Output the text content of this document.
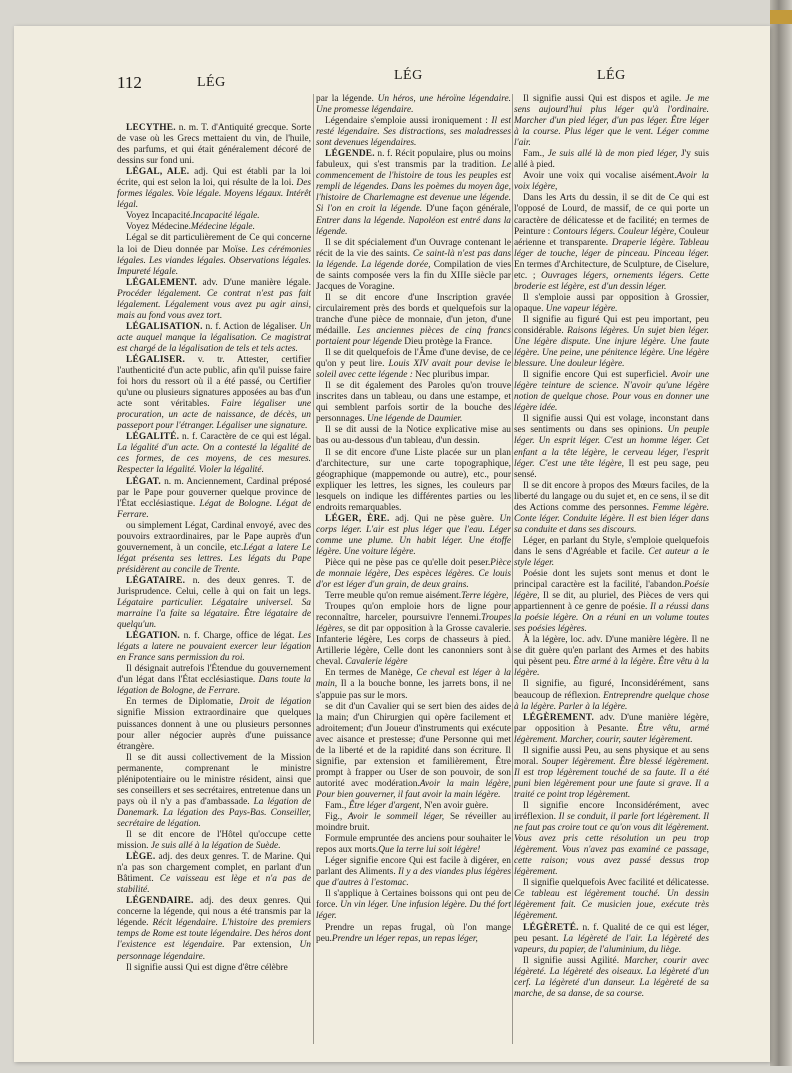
112	LÉG	LÉG	LÉG

LÉCYTHE. n. m. T. d'Antiquité grecque. Sorte de vase où les Grecs mettaient du vin, de l'huile, des parfums, et qui était généralement décoré de dessins sur fond uni.

LÉGAL, ALE. adj. Qui est établi par la loi écrite, qui est selon la loi, qui résulte de la loi. Des formes légales. Voie légale. Moyens légaux. Intérêt légal.

Voyez Incapacité.Incapacité légale.

Voyez Médecine.Médecine légale.

Légal se dit particulièrement de Ce qui concerne la loi de Dieu donnée par Moïse. Les cérémonies légales. Les viandes légales. Observations légales. Impureté légale.

LÉGALEMENT. adv. D'une manière légale. Procéder légalement. Ce contrat n'est pas fait légalement. Légalement vous avez pu agir ainsi, mais au fond vous avez tort.

LÉGALISATION. n. f. Action de légaliser. Un acte auquel manque la légalisation. Ce magistrat est chargé de la légalisation de tels et tels actes.

LÉGALISER. v. tr. Attester, certifier l'authenticité d'un acte public, afin qu'il puisse faire foi hors du ressort où il a été passé, ou Certifier qu'une ou plusieurs signatures apposées au bas d'un acte sont véritables. Faire légaliser une procuration, un acte de naissance, de décès, un passeport pour l'étranger. Légaliser une signature.

LÉGALITÉ. n. f. Caractère de ce qui est légal. La légalité d'un acte. On a contesté la légalité de ces formes, de ces moyens, de ces mesures. Respecter la légalité. Violer la légalité.

LÉGAT. n. m. Anciennement, Cardinal préposé par le Pape pour gouverner quelque province de l'État ecclésiastique. Légat de Bologne. Légat de Ferrare.

ou simplement Légat, Cardinal envoyé, avec des pouvoirs extraordinaires, par le Pape auprès d'un gouvernement, à un concile, etc.Légat a latere Le légat présenta ses lettres. Les légats du Pape présidèrent au concile de Trente.

LÉGATAIRE. n. des deux genres. T. de Jurisprudence. Celui, celle à qui on fait un legs. Légataire particulier. Légataire universel. Sa marraine l'a faite sa légataire. Être légataire de quelqu'un.

LÉGATION. n. f. Charge, office de légat. Les légats a latere ne pouvaient exercer leur légation en France sans permission du roi.

Il désignait autrefois l'Étendue du gouvernement d'un légat dans l'État ecclésiastique. Dans toute la légation de Bologne, de Ferrare.

En termes de Diplomatie, Droit de légation signifie Mission extraordinaire que quelques puissances donnent à une ou plusieurs personnes pour aller négocier auprès d'une puissance étrangère.

Il se dit aussi collectivement de la Mission permanente, comprenant le ministre plénipotentiaire ou le ministre résident, ainsi que ses conseillers et ses secrétaires, entretenue dans un pays où il n'y a pas d'ambassade. La légation de Danemark. La légation des Pays-Bas. Conseiller, secrétaire de légation.

Il se dit encore de l'Hôtel qu'occupe cette mission. Je suis allé à la légation de Suède.

LÈGE. adj. des deux genres. T. de Marine. Qui n'a pas son chargement complet, en parlant d'un Bâtiment. Ce vaisseau est lège et n'a pas de stabilité.

LÉGENDAIRE. adj. des deux genres. Qui concerne la légende, qui nous a été transmis par la légende. Récit légendaire. L'histoire des premiers temps de Rome est toute légendaire. Des héros dont l'existence est légendaire. Par extension, Un personnage légendaire.

Il signifie aussi Qui est digne d'être célèbre

par la légende. Un héros, une héroïne légendaire. Une promesse légendaire.

Légendaire s'emploie aussi ironiquement : Il est resté légendaire. Ses distractions, ses maladresses sont devenues légendaires.

LÉGENDE. n. f. Récit populaire, plus ou moins fabuleux, qui s'est transmis par la tradition. Le commencement de l'histoire de tous les peuples est rempli de légendes. Dans les poèmes du moyen âge, l'histoire de Charlemagne est devenue une légende. Si l'on en croit la légende. D'une façon générale, Entrer dans la légende. Napoléon est entré dans la légende.

Il se dit spécialement d'un Ouvrage contenant le récit de la vie des saints. Ce saint-là n'est pas dans la légende. La légende dorée, Compilation de vies de saints composée vers la fin du XIIIe siècle par Jacques de Voragine.

Il se dit encore d'une Inscription gravée circulairement près des bords et quelquefois sur la tranche d'une pièce de monnaie, d'un jeton, d'une médaille. Les anciennes pièces de cinq francs portaient pour légende Dieu protège la France.

Il se dit quelquefois de l'Âme d'une devise, de ce qu'on y peut lire. Louis XIV avait pour devise le soleil avec cette légende : Nec pluribus impar.

Il se dit également des Paroles qu'on trouve inscrites dans un tableau, ou dans une estampe, et qui semblent parfois sortir de la bouche des personnages. Une légende de Daumier.

Il se dit aussi de la Notice explicative mise au bas ou au-dessous d'un tableau, d'un dessin.

Il se dit encore d'une Liste placée sur un plan d'architecture, sur une carte topographique, géographique (mappemonde ou autre), etc., pour expliquer les lettres, les signes, les couleurs par lesquels on indique les différentes parties ou les endroits remarquables.

LÉGER, ÈRE. adj. Qui ne pèse guère. Un corps léger. L'air est plus léger que l'eau. Léger comme une plume. Un habit léger. Une étoffe légère. Une voiture légère.

Pièce qui ne pèse pas ce qu'elle doit peser.Pièce de monnaie légère, Des espèces légères. Ce louis d'or est léger d'un grain, de deux grains.

Terre meuble qu'on remue aisément.Terre légère,

Troupes qu'on emploie hors de ligne pour reconnaître, harceler, poursuivre l'ennemi.Troupes légères, se dit par opposition à la Grosse cavalerie. Infanterie légère, Les corps de chasseurs à pied. Artillerie légère, Celle dont les canonniers sont à cheval. Cavalerie légère

En termes de Manège, Ce cheval est léger à la main, Il a la bouche bonne, les jarrets bons, il ne s'appuie pas sur le mors.

se dit d'un Cavalier qui se sert bien des aides de la main; d'un Chirurgien qui opère facilement et adroitement; d'un Joueur d'instruments qui exécute avec aisance et prestesse; d'une Personne qui met de la liberté et de la rapidité dans son écriture. Il signifie, par extension et familièrement, Être prompt à frapper ou User de son pouvoir, de son autorité avec modération.Avoir la main légère, Pour bien gouverner, il faut avoir la main légère.

Fam., Être léger d'argent, N'en avoir guère.

Fig., Avoir le sommeil léger, Se réveiller au moindre bruit.

Formule empruntée des anciens pour souhaiter le repos aux morts.Que la terre lui soit légère!

Léger signifie encore Qui est facile à digérer, en parlant des Aliments. Il y a des viandes plus légères que d'autres à l'estomac.

Il s'applique à Certaines boissons qui ont peu de force. Un vin léger. Une infusion légère. Du thé fort léger.

Prendre un repas frugal, où l'on mange peu.Prendre un léger repas, un repas léger,

Il signifie aussi Qui est dispos et agile. Je me sens aujourd'hui plus léger qu'à l'ordinaire. Marcher d'un pied léger, d'un pas léger. Être léger à la course. Plus léger que le vent. Léger comme l'air.

Fam., Je suis allé là de mon pied léger, J'y suis allé à pied.

Avoir une voix qui vocalise aisément.Avoir la voix légère,

Dans les Arts du dessin, il se dit de Ce qui est l'opposé de Lourd, de massif, de ce qui porte un caractère de délicatesse et de facilité; en termes de Peinture : Contours légers. Couleur légère, Couleur aérienne et transparente. Draperie légère. Tableau léger de touche, léger de pinceau. Pinceau léger. En termes d'Architecture, de Sculpture, de Ciselure, etc. ; Ouvrages légers, ornements légers. Cette broderie est légère, est d'un dessin léger.

Il s'emploie aussi par opposition à Grossier, opaque. Une vapeur légère.

Il signifie au figuré Qui est peu important, peu considérable. Raisons légères. Un sujet bien léger. Une légère dispute. Une injure légère. Une faute légère. Une peine, une pénitence légère. Une légère blessure. Une douleur légère.

Il signifie encore Qui est superficiel. Avoir une légère teinture de science. N'avoir qu'une légère notion de quelque chose. Pour vous en donner une légère idée.

Il signifie aussi Qui est volage, inconstant dans ses sentiments ou dans ses opinions. Un peuple léger. Un esprit léger. C'est un homme léger. Cet enfant a la tête légère, le cerveau léger, l'esprit léger. C'est une tête légère, Il est peu sage, peu sensé.

Il se dit encore à propos des Mœurs faciles, de la liberté du langage ou du sujet et, en ce sens, il se dit des Actions comme des personnes. Femme légère. Conte léger. Conduite légère. Il est bien léger dans sa conduite et dans ses discours.

Léger, en parlant du Style, s'emploie quelquefois dans le sens d'Agréable et facile. Cet auteur a le style léger.

Poésie dont les sujets sont menus et dont le principal caractère est la facilité, l'abandon.Poésie légère, Il se dit, au pluriel, des Pièces de vers qui appartiennent à ce genre de poésie. Il a réussi dans la poésie légère. On a réuni en un volume toutes ses poésies légères.

À la légère, loc. adv. D'une manière légère. Il ne se dit guère qu'en parlant des Armes et des habits qui pèsent peu. Être armé à la légère. Être vêtu à la légère.

Il signifie, au figuré, Inconsidérément, sans beaucoup de réflexion. Entreprendre quelque chose à la légère. Parler à la légère.

LÉGÈREMENT. adv. D'une manière légère, par opposition à Pesante. Être vêtu, armé légèrement. Marcher, courir, sauter légèrement.

Il signifie aussi Peu, au sens physique et au sens moral. Souper légèrement. Être blessé légèrement. Il est trop légèrement touché de sa faute. Il a été puni bien légèrement pour une faute si grave. Il a traité ce point trop légèrement.

Il signifie encore Inconsidérément, avec irréflexion. Il se conduit, il parle fort légèrement. Il ne faut pas croire tout ce qu'on vous dit légèrement. Vous avez pris cette résolution un peu trop légèrement. Vous n'avez pas examiné ce passage, cette raison; vous avez passé dessus trop légèrement.

Il signifie quelquefois Avec facilité et délicatesse. Ce tableau est légèrement touché. Un dessin légèrement fait. Ce musicien joue, exécute très légèrement.

LÉGÈRETÉ. n. f. Qualité de ce qui est léger, peu pesant. La légèreté de l'air. La légèreté des vapeurs, du papier, de l'aluminium, du liège.

Il signifie aussi Agilité. Marcher, courir avec légèreté. La légèreté des oiseaux. La légèreté d'un cerf. La légèreté d'un danseur. La légèreté de sa marche, de sa danse, de sa course.
